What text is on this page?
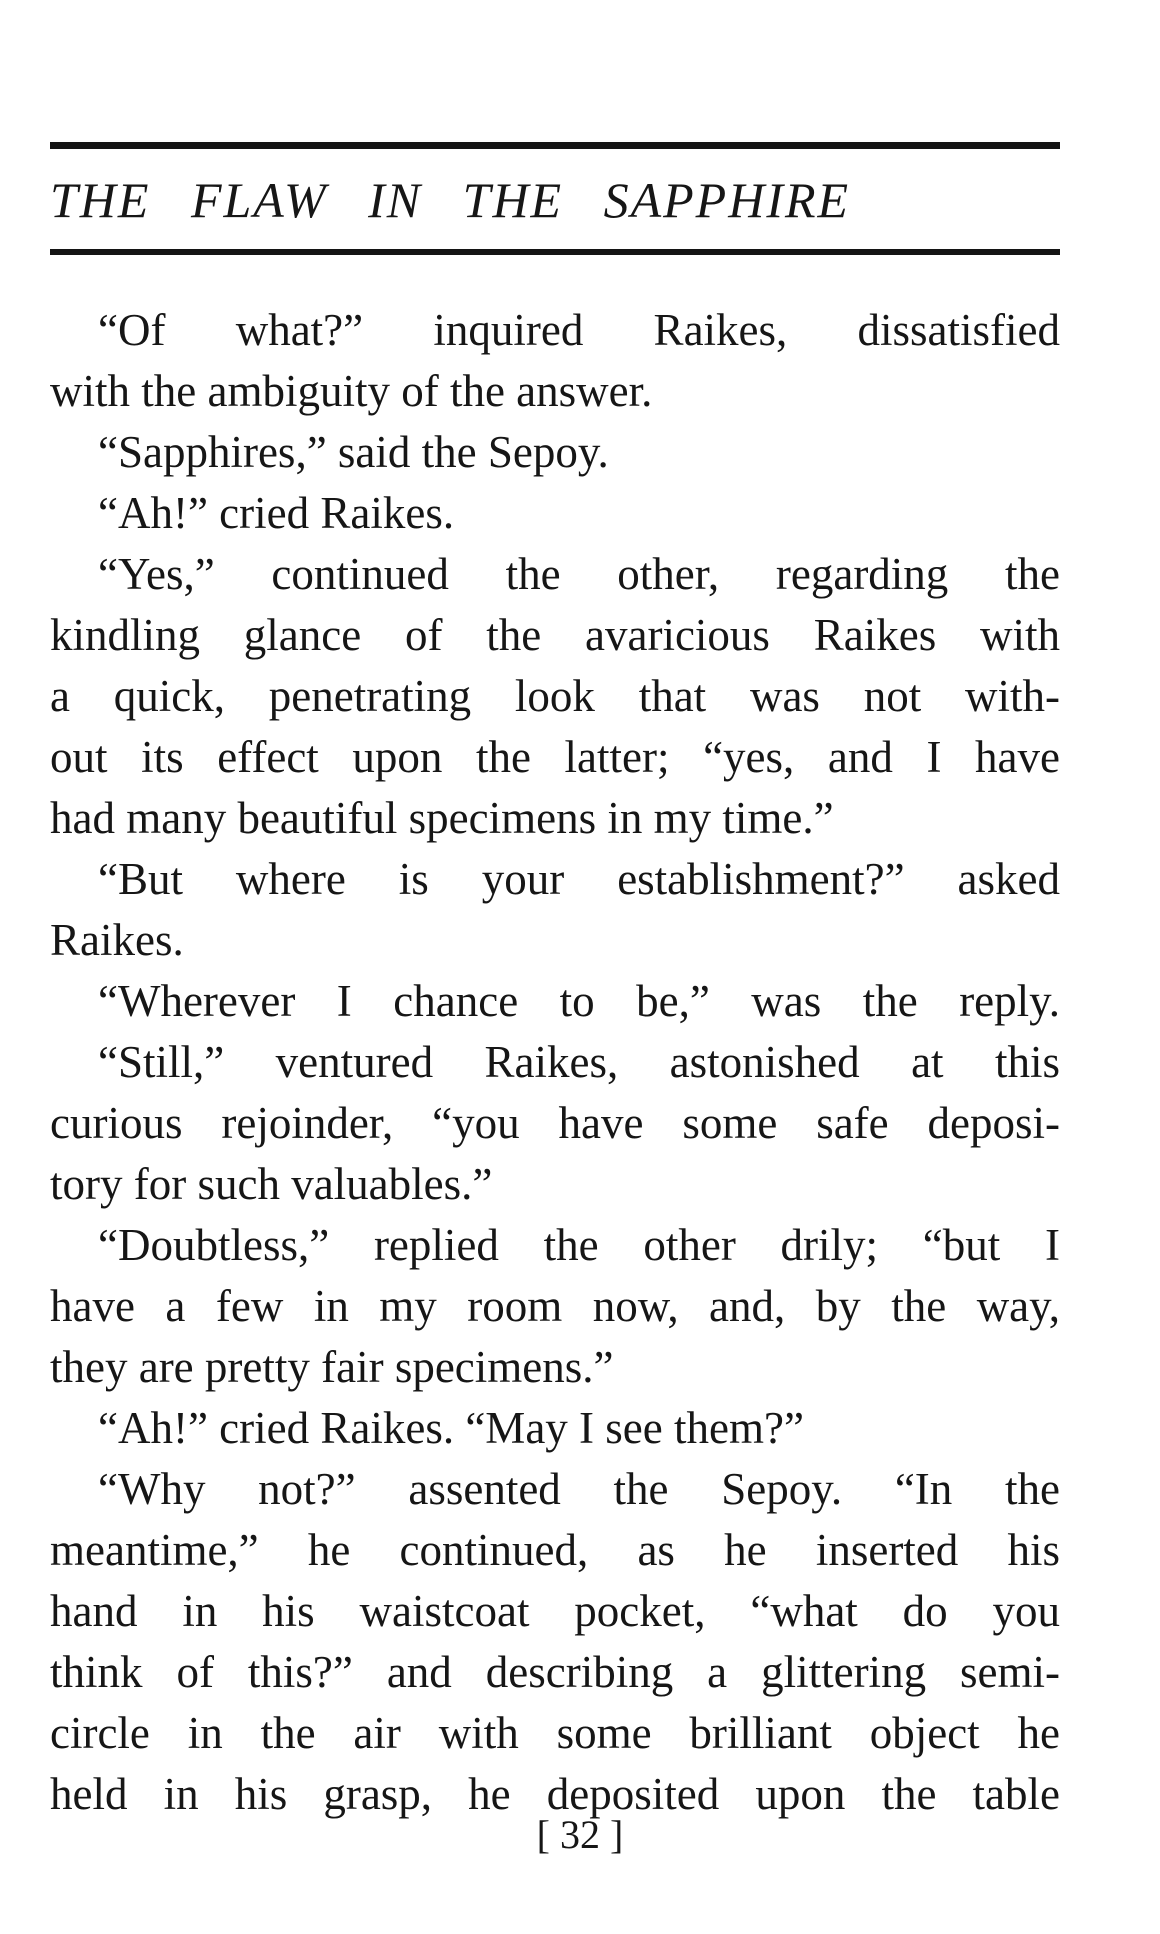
THE FLAW IN THE SAPPHIRE
“Of what?” inquired Raikes, dissatisfied
with the ambiguity of the answer.
“Sapphires,” said the Sepoy.
“Ah!” cried Raikes.
“Yes,” continued the other, regarding the
kindling glance of the avaricious Raikes with
a quick, penetrating look that was not with-
out its effect upon the latter; “yes, and I have
had many beautiful specimens in my time.”
“But where is your establishment?” asked
Raikes.
“Wherever I chance to be,” was the reply.
“Still,” ventured Raikes, astonished at this
curious rejoinder, “you have some safe deposi-
tory for such valuables.”
“Doubtless,” replied the other drily; “but I
have a few in my room now, and, by the way,
they are pretty fair specimens.”
“Ah!” cried Raikes. “May I see them?”
“Why not?” assented the Sepoy. “In the
meantime,” he continued, as he inserted his
hand in his waistcoat pocket, “what do you
think of this?” and describing a glittering semi-
circle in the air with some brilliant object he
held in his grasp, he deposited upon the table
[ 32 ]
